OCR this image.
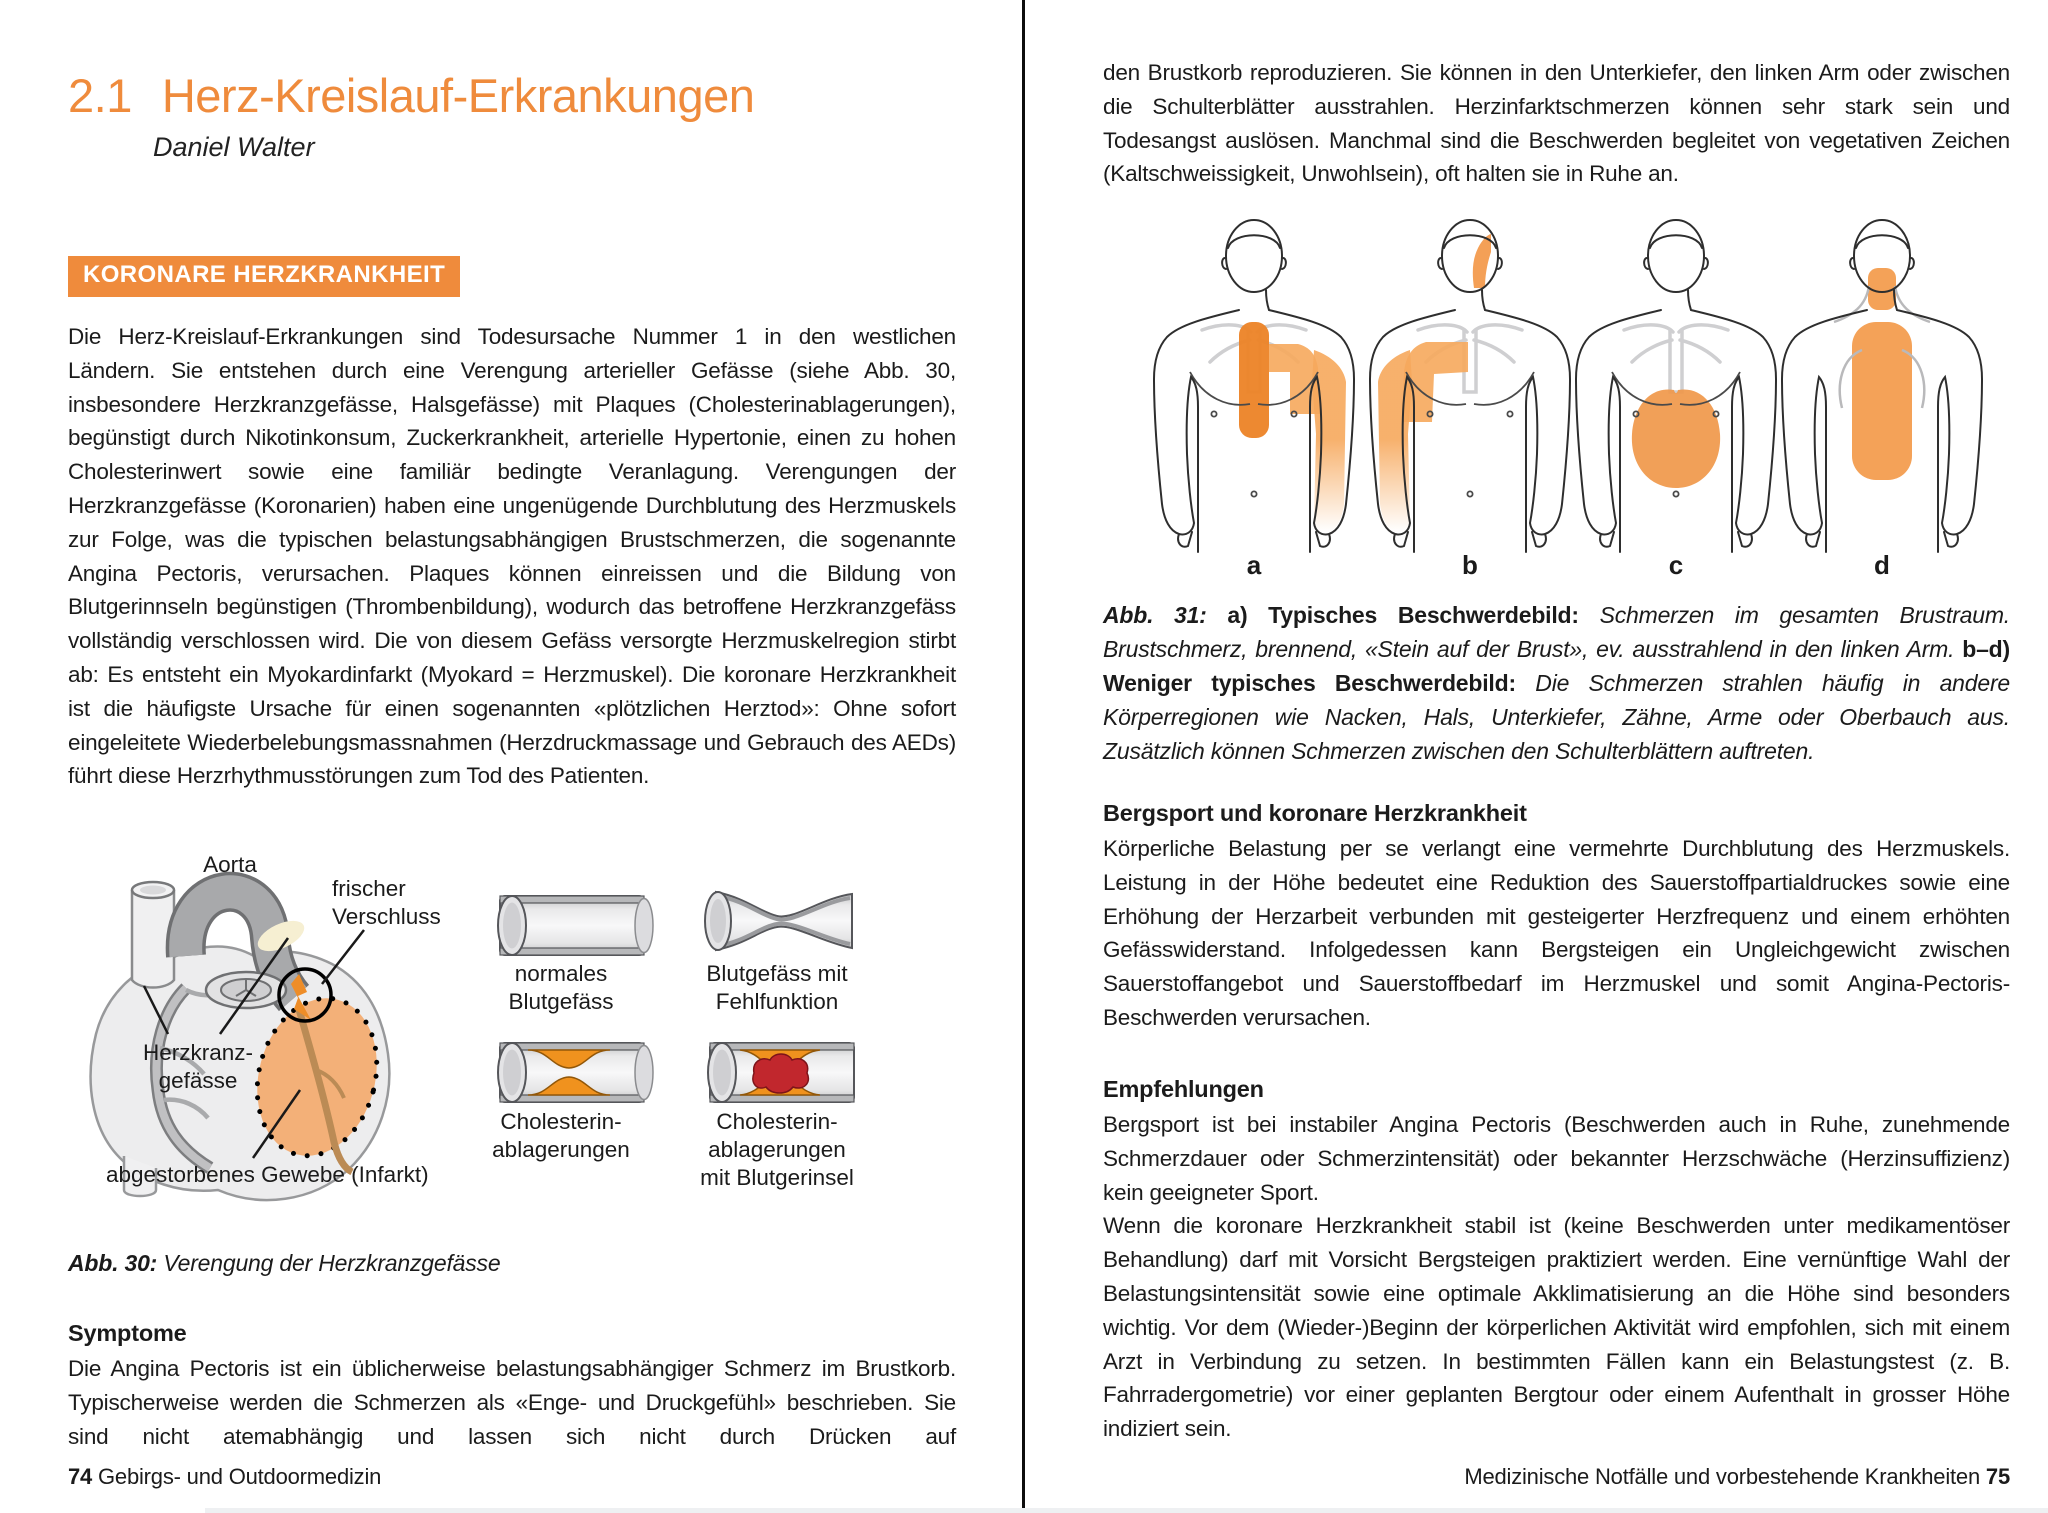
2.1 Herz-Kreislauf-Erkrankungen
Daniel Walter
KORONARE HERZKRANKHEIT

Die Herz-Kreislauf-Erkrankungen sind Todesursache Nummer 1 in den westlichen Ländern. Sie entstehen durch eine Verengung arterieller Gefässe (siehe Abb. 30, insbesondere Herzkranzgefässe, Halsgefässe) mit Plaques (Cholesterinablagerungen), begünstigt durch Nikotinkonsum, Zuckerkrankheit, arterielle Hypertonie, einen zu hohen Cholesterinwert sowie eine familiär bedingte Veranlagung. Verengungen der Herzkranzgefässe (Koronarien) haben eine ungenügende Durchblutung des Herzmuskels zur Folge, was die typischen belastungsabhängigen Brustschmerzen, die sogenannte Angina Pectoris, verursachen. Plaques können einreissen und die Bildung von Blutgerinnseln begünstigen (Thrombenbildung), wodurch das betroffene Herzkranzgefäss vollständig verschlossen wird. Die von diesem Gefäss versorgte Herzmuskelregion stirbt ab: Es entsteht ein Myokardinfarkt (Myokard = Herzmuskel). Die koronare Herzkrankheit ist die häufigste Ursache für einen sogenannten «plötzlichen Herztod»: Ohne sofort eingeleitete Wiederbelebungsmassnahmen (Herzdruckmassage und Gebrauch des AEDs) führt diese Herzrhythmusstörungen zum Tod des Patienten.

Aorta
frischer
Verschluss
Herzkranz-
gefässe
abgestorbenes Gewebe (Infarkt)
normales
Blutgefäss
Blutgefäss mit
Fehlfunktion
Cholesterin-
ablagerungen
Cholesterin-
ablagerungen
mit Blutgerinsel
Abb. 30: Verengung der Herzkranzgefässe
Symptome

Die Angina Pectoris ist ein üblicherweise belastungsabhängiger Schmerz im Brustkorb. Typischerweise werden die Schmerzen als «Enge- und Druckgefühl» beschrieben. Sie sind nicht atemabhängig und lassen sich nicht durch Drücken auf

74 Gebirgs- und Outdoormedizin

den Brustkorb reproduzieren. Sie können in den Unterkiefer, den linken Arm oder zwischen die Schulterblätter ausstrahlen. Herzinfarktschmerzen können sehr stark sein und Todesangst auslösen. Manchmal sind die Beschwerden begleitet von vegetativen Zeichen (Kaltschweissigkeit, Unwohlsein), oft halten sie in Ruhe an.

a	b	c	d
Abb. 31: a) Typisches Beschwerdebild: Schmerzen im gesamten Brustraum. Brustschmerz, brennend, «Stein auf der Brust», ev. ausstrahlend in den linken Arm. b–d) Weniger typisches Beschwerdebild: Die Schmerzen strahlen häufig in andere Körperregionen wie Nacken, Hals, Unterkiefer, Zähne, Arme oder Oberbauch aus. Zusätzlich können Schmerzen zwischen den Schulterblättern auftreten.
Bergsport und koronare Herzkrankheit

Körperliche Belastung per se verlangt eine vermehrte Durchblutung des Herzmuskels. Leistung in der Höhe bedeutet eine Reduktion des Sauerstoffpartialdruckes sowie eine Erhöhung der Herzarbeit verbunden mit gesteigerter Herzfrequenz und einem erhöhten Gefässwiderstand. Infolgedessen kann Bergsteigen ein Ungleichgewicht zwischen Sauerstoffangebot und Sauerstoffbedarf im Herzmuskel und somit Angina-Pectoris-Beschwerden verursachen.

Empfehlungen

Bergsport ist bei instabiler Angina Pectoris (Beschwerden auch in Ruhe, zunehmende Schmerzdauer oder Schmerzintensität) oder bekannter Herzschwäche (Herzinsuffizienz) kein geeigneter Sport.

Wenn die koronare Herzkrankheit stabil ist (keine Beschwerden unter medikamentöser Behandlung) darf mit Vorsicht Bergsteigen praktiziert werden. Eine vernünftige Wahl der Belastungsintensität sowie eine optimale Akklimatisierung an die Höhe sind besonders wichtig. Vor dem (Wieder-)Beginn der körperlichen Aktivität wird empfohlen, sich mit einem Arzt in Verbindung zu setzen. In bestimmten Fällen kann ein Belastungstest (z. B. Fahrradergometrie) vor einer geplanten Bergtour oder einem Aufenthalt in grosser Höhe indiziert sein.

Medizinische Notfälle und vorbestehende Krankheiten 75
